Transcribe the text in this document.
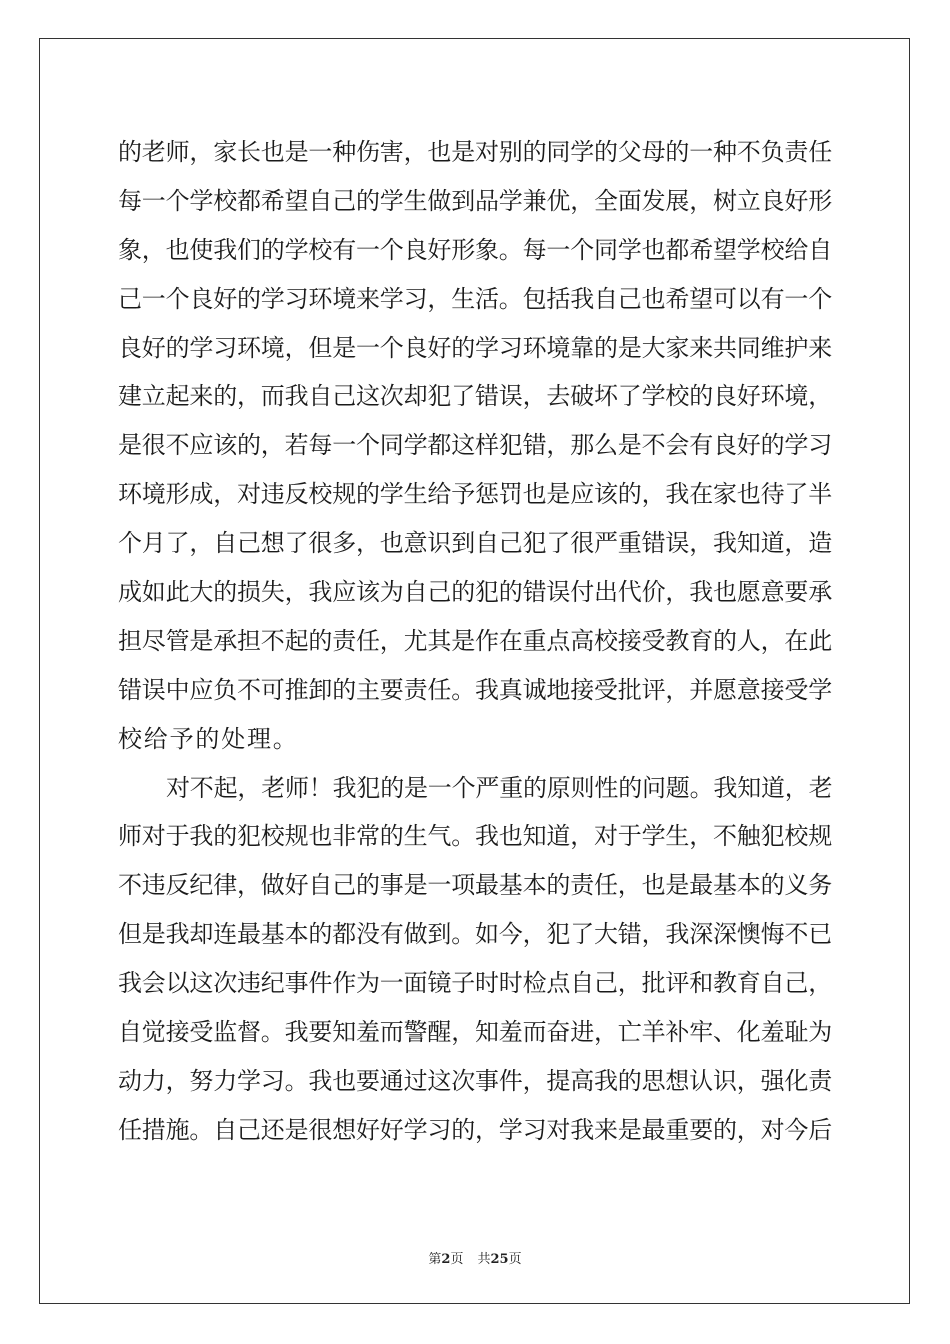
的老师，家长也是一种伤害，也是对别的同学的父母的一种不负责任
每一个学校都希望自己的学生做到品学兼优，全面发展，树立良好形
象，也使我们的学校有一个良好形象。每一个同学也都希望学校给自
己一个良好的学习环境来学习，生活。包括我自己也希望可以有一个
良好的学习环境，但是一个良好的学习环境靠的是大家来共同维护来
建立起来的，而我自己这次却犯了错误，去破坏了学校的良好环境，
是很不应该的，若每一个同学都这样犯错，那么是不会有良好的学习
环境形成，对违反校规的学生给予惩罚也是应该的，我在家也待了半
个月了，自己想了很多，也意识到自己犯了很严重错误，我知道，造
成如此大的损失，我应该为自己的犯的错误付出代价，我也愿意要承
担尽管是承担不起的责任，尤其是作在重点高校接受教育的人，在此
错误中应负不可推卸的主要责任。我真诚地接受批评，并愿意接受学
校给予的处理。
对不起，老师！我犯的是一个严重的原则性的问题。我知道，老
师对于我的犯校规也非常的生气。我也知道，对于学生，不触犯校规
不违反纪律，做好自己的事是一项最基本的责任，也是最基本的义务
但是我却连最基本的都没有做到。如今，犯了大错，我深深懊悔不已
我会以这次违纪事件作为一面镜子时时检点自己，批评和教育自己，
自觉接受监督。我要知羞而警醒，知羞而奋进，亡羊补牢、化羞耻为
动力，努力学习。我也要通过这次事件，提高我的思想认识，强化责
任措施。自己还是很想好好学习的，学习对我来是最重要的，对今后
第2页 共25页
